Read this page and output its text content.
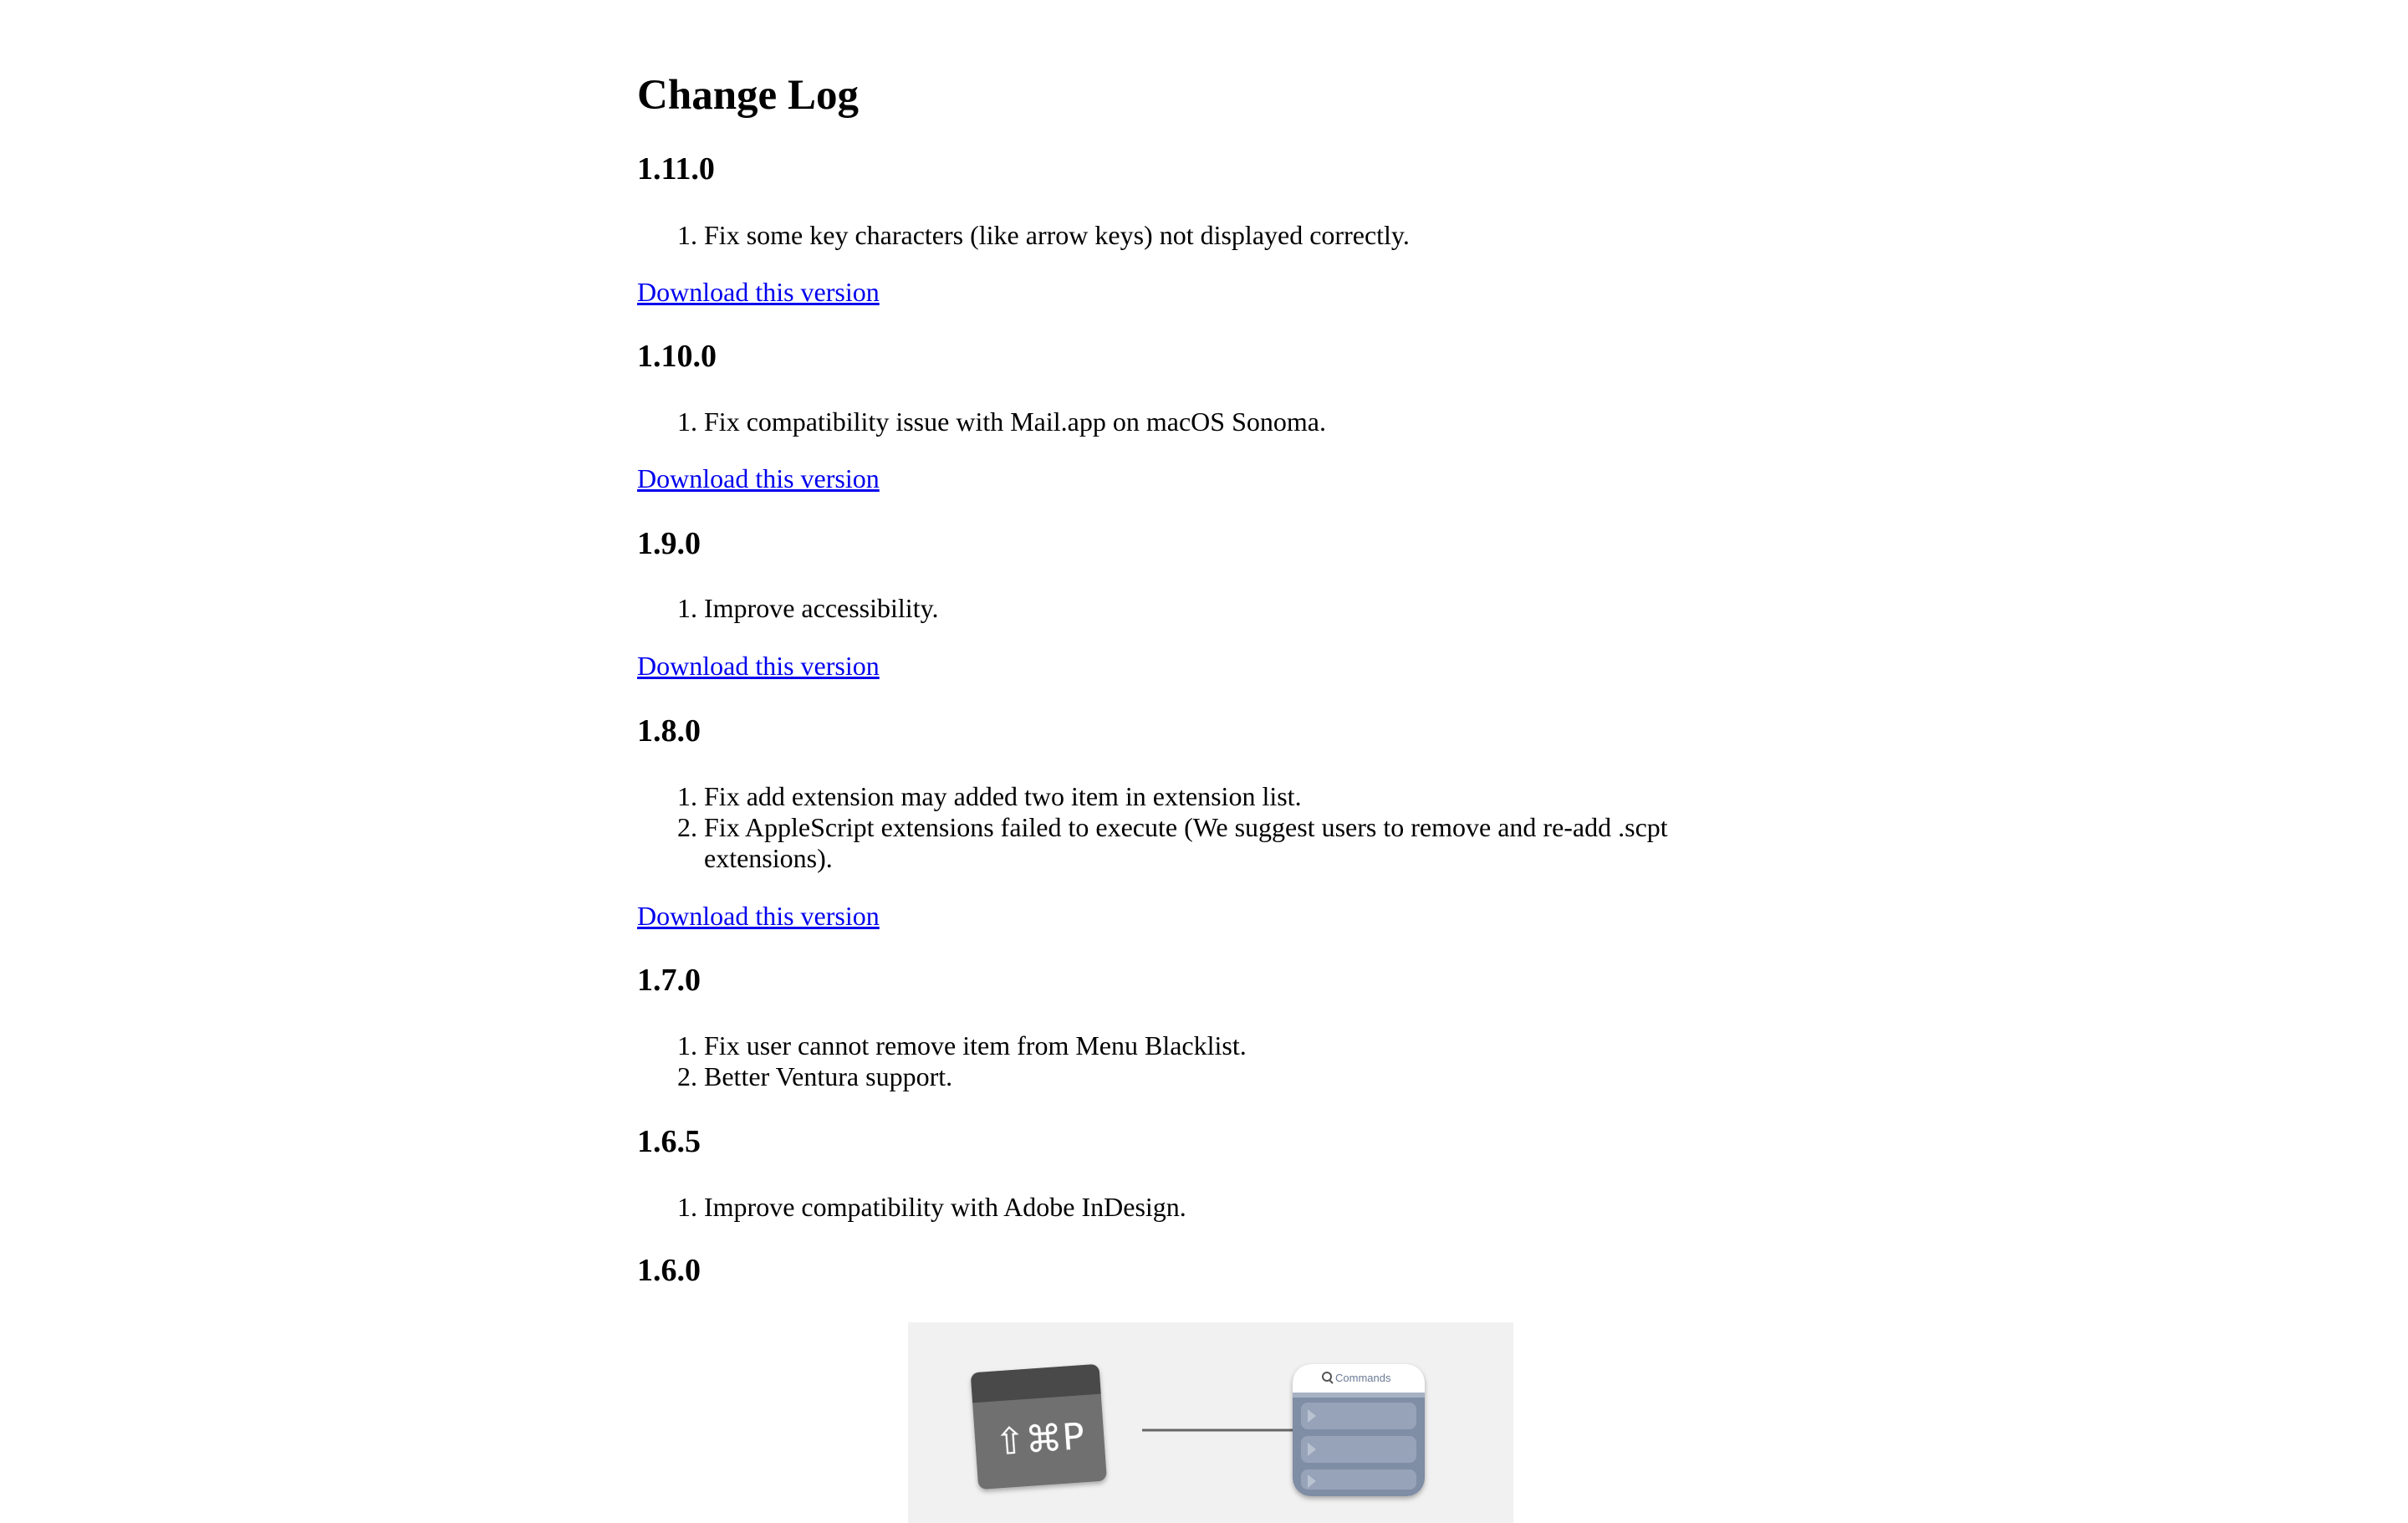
Change Log
1.11.0
1. Fix some key characters (like arrow keys) not displayed correctly.
Download this version
1.10.0
1. Fix compatibility issue with Mail.app on macOS Sonoma.
Download this version
1.9.0
1. Improve accessibility.
Download this version
1.8.0
1. Fix add extension may added two item in extension list.
2. Fix AppleScript extensions failed to execute (We suggest users to remove and re-add .scpt extensions).
Download this version
1.7.0
1. Fix user cannot remove item from Menu Blacklist.
2. Better Ventura support.
1.6.5
1. Improve compatibility with Adobe InDesign.
1.6.0
⇧⌘P
Commands
